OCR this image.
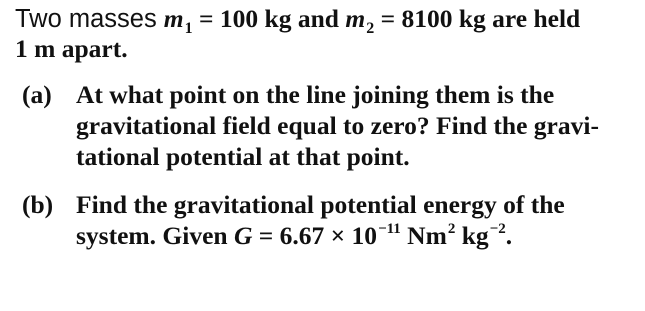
Two masses $m_1 = 100$ kg and $m_2 = 8100$ kg are held
1 m apart.
(a) At what point on the line joining them is the
gravitational field equal to zero? Find the gravi-
tational potential at that point.
(b) Find the gravitational potential energy of the
system. Given $G = 6.67 \times 10^{-11}$ Nm$^2$ $kg^{-2}$.
